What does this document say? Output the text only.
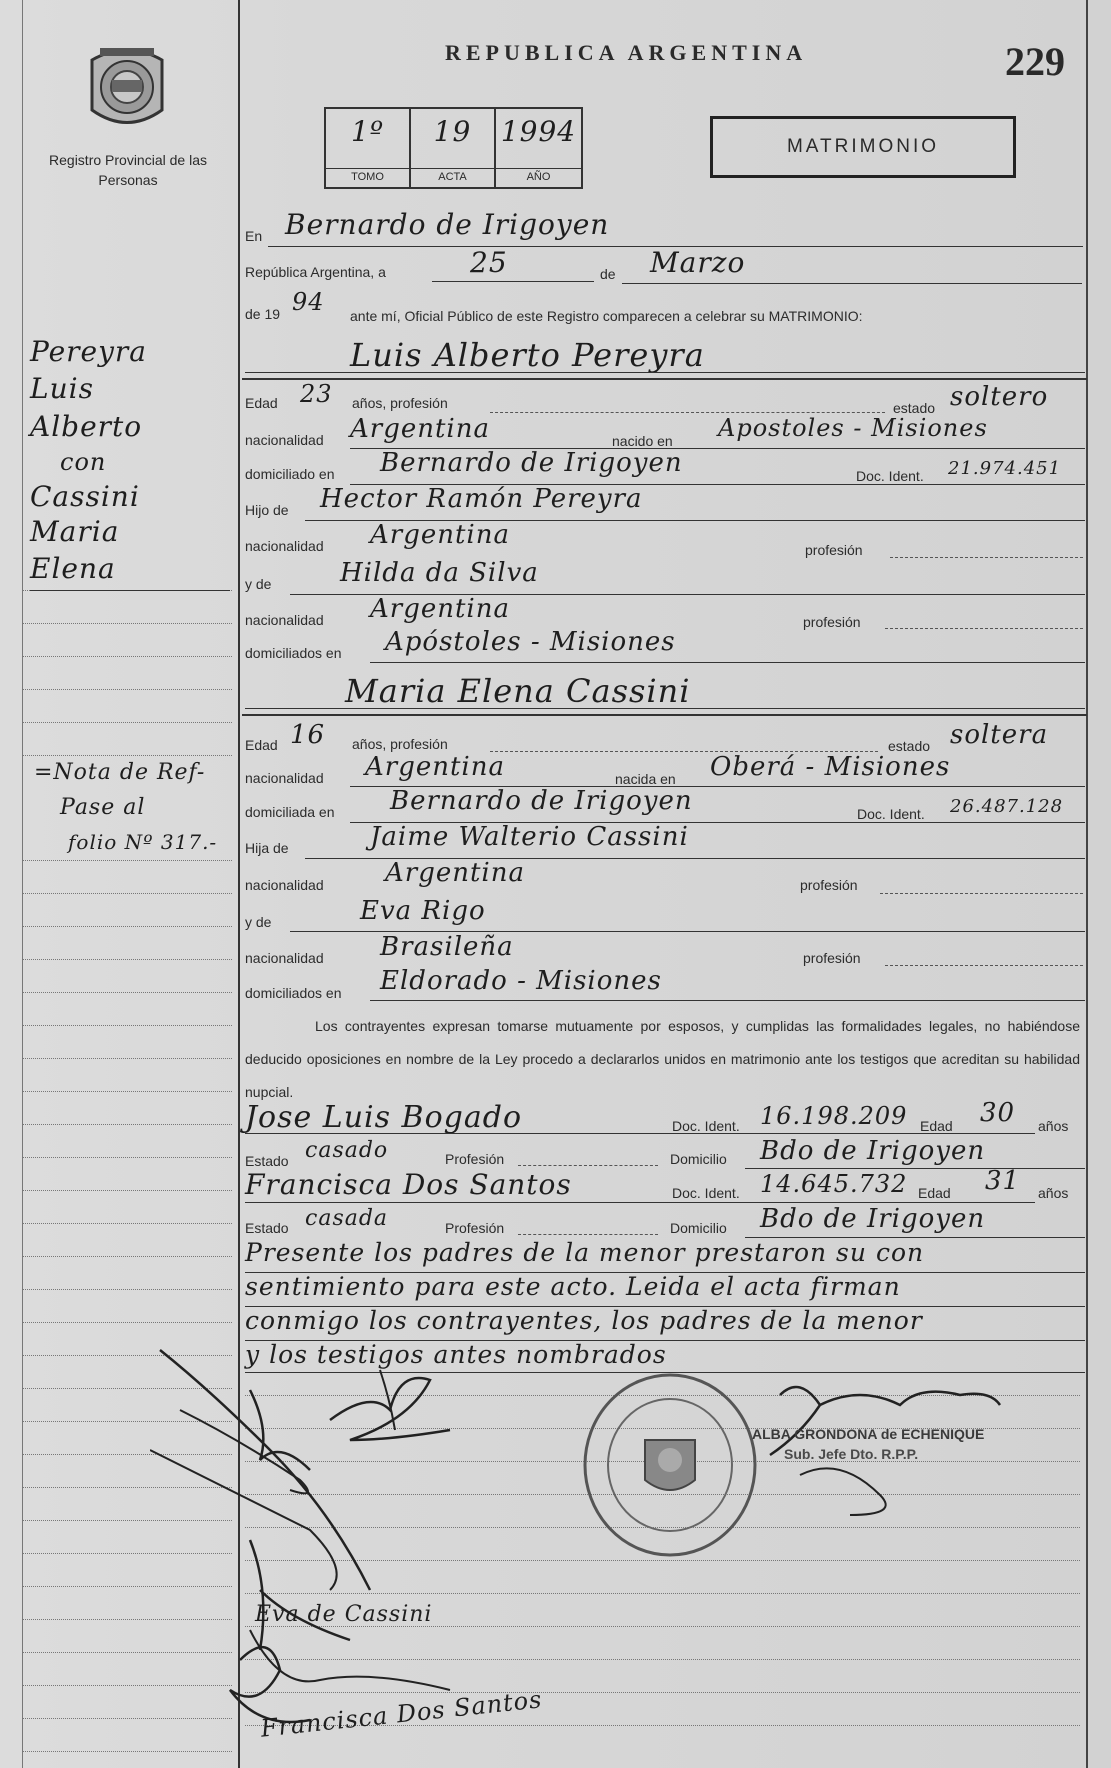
Registro Provincial de las Personas
REPUBLICA ARGENTINA	229
1º
TOMO
19
ACTA
1994
AÑO
MATRIMONIO
Pereyra
Luis
Alberto
con
Cassini
Maria
Elena
=Nota de Ref-
Pase al
folio Nº 317.-
En Bernardo de Irigoyen
República Argentina, a	25	de Marzo
de 19 94 ante mí, Oficial Público de este Registro comparecen a celebrar su MATRIMONIO:
Luis Alberto Pereyra
Edad 23 años, profesión	estado soltero
nacionalidad Argentina	nacido en Apostoles - Misiones
domiciliado en Bernardo de Irigoyen	Doc. Ident. 21.974.451
Hijo de Hector Ramón Pereyra
nacionalidad Argentina	profesión
y de	Hilda da Silva
nacionalidad Argentina	profesión
domiciliados en Apóstoles - Misiones
Maria Elena Cassini
Edad 16 años, profesión	estado soltera
nacionalidad Argentina	nacida en Oberá - Misiones
domiciliada en Bernardo de Irigoyen	Doc. Ident. 26.487.128
Hija de	Jaime Walterio Cassini
nacionalidad Argentina	profesión
y de	Eva Rigo
nacionalidad Brasileña	profesión
domiciliados en Eldorado - Misiones
Los contrayentes expresan tomarse mutuamente por esposos, y cumplidas las formalidades legales, no habiéndose deducido oposiciones en nombre de la Ley procedo a declararlos unidos en matrimonio ante los testigos que acreditan su habilidad nupcial.
Jose Luis Bogado	Doc. Ident. 16.198.209 Edad 30 años
Estado casado	Profesión	Domicilio Bdo de Irigoyen
Francisca Dos Santos	Doc. Ident. 14.645.732 Edad 31 años
Estado casada	Profesión	Domicilio Bdo de Irigoyen
Presente los padres de la menor prestaron su con
sentimiento para este acto. Leida el acta firman
conmigo los contrayentes, los padres de la menor
y los testigos antes nombrados
Eva de Cassini
Francisca Dos Santos
ALBA GRONDONA de ECHENIQUE
Sub. Jefe Dto. R.P.P.
